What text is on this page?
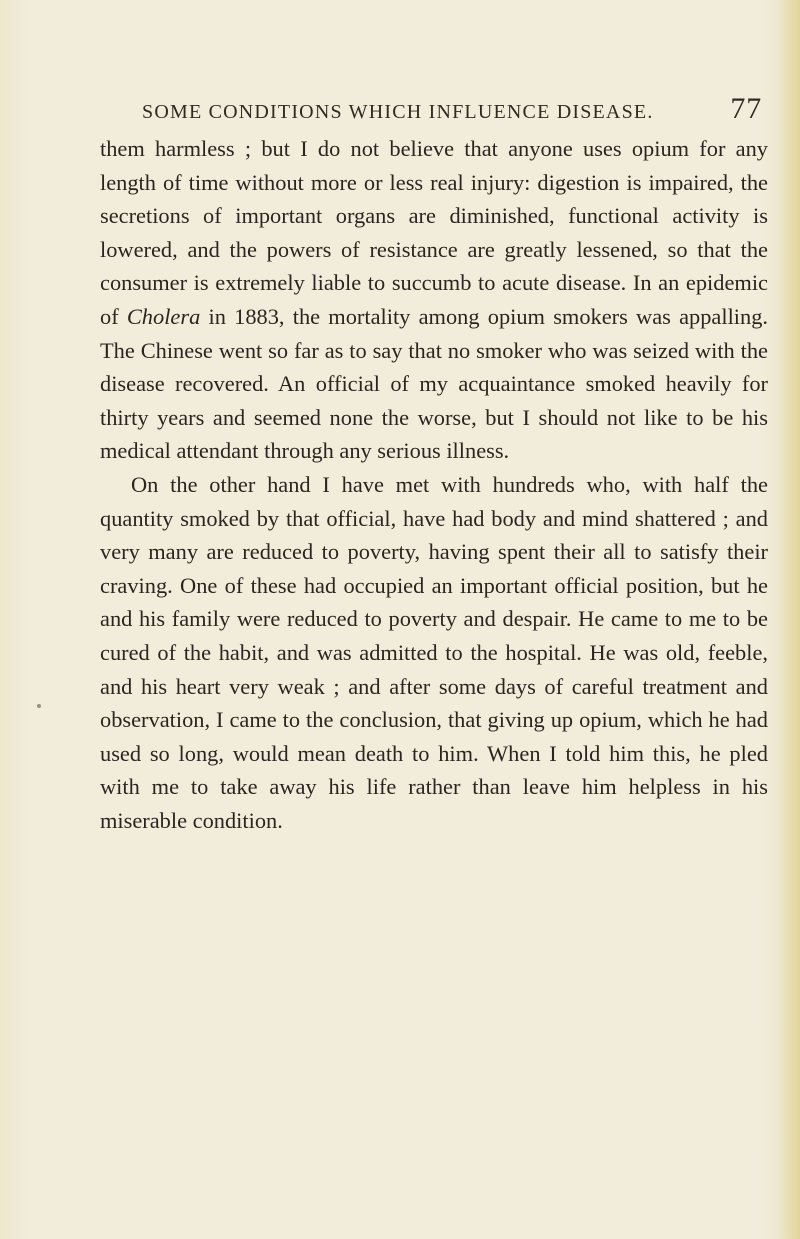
SOME CONDITIONS WHICH INFLUENCE DISEASE.	77

them harmless ; but I do not believe that anyone uses opium for any length of time without more or less real injury: digestion is impaired, the secretions of important organs are diminished, functional activity is lowered, and the powers of resistance are greatly lessened, so that the consumer is extremely liable to succumb to acute disease. In an epidemic of Cholera in 1883, the mortality among opium smokers was appalling. The Chinese went so far as to say that no smoker who was seized with the disease recovered. An official of my acquaintance smoked heavily for thirty years and seemed none the worse, but I should not like to be his medical attendant through any serious illness.

On the other hand I have met with hundreds who, with half the quantity smoked by that official, have had body and mind shattered ; and very many are reduced to poverty, having spent their all to satisfy their craving. One of these had occupied an important official position, but he and his family were reduced to poverty and despair. He came to me to be cured of the habit, and was admitted to the hospital. He was old, feeble, and his heart very weak ; and after some days of careful treatment and observation, I came to the conclusion, that giving up opium, which he had used so long, would mean death to him. When I told him this, he pled with me to take away his life rather than leave him helpless in his miserable condition.
